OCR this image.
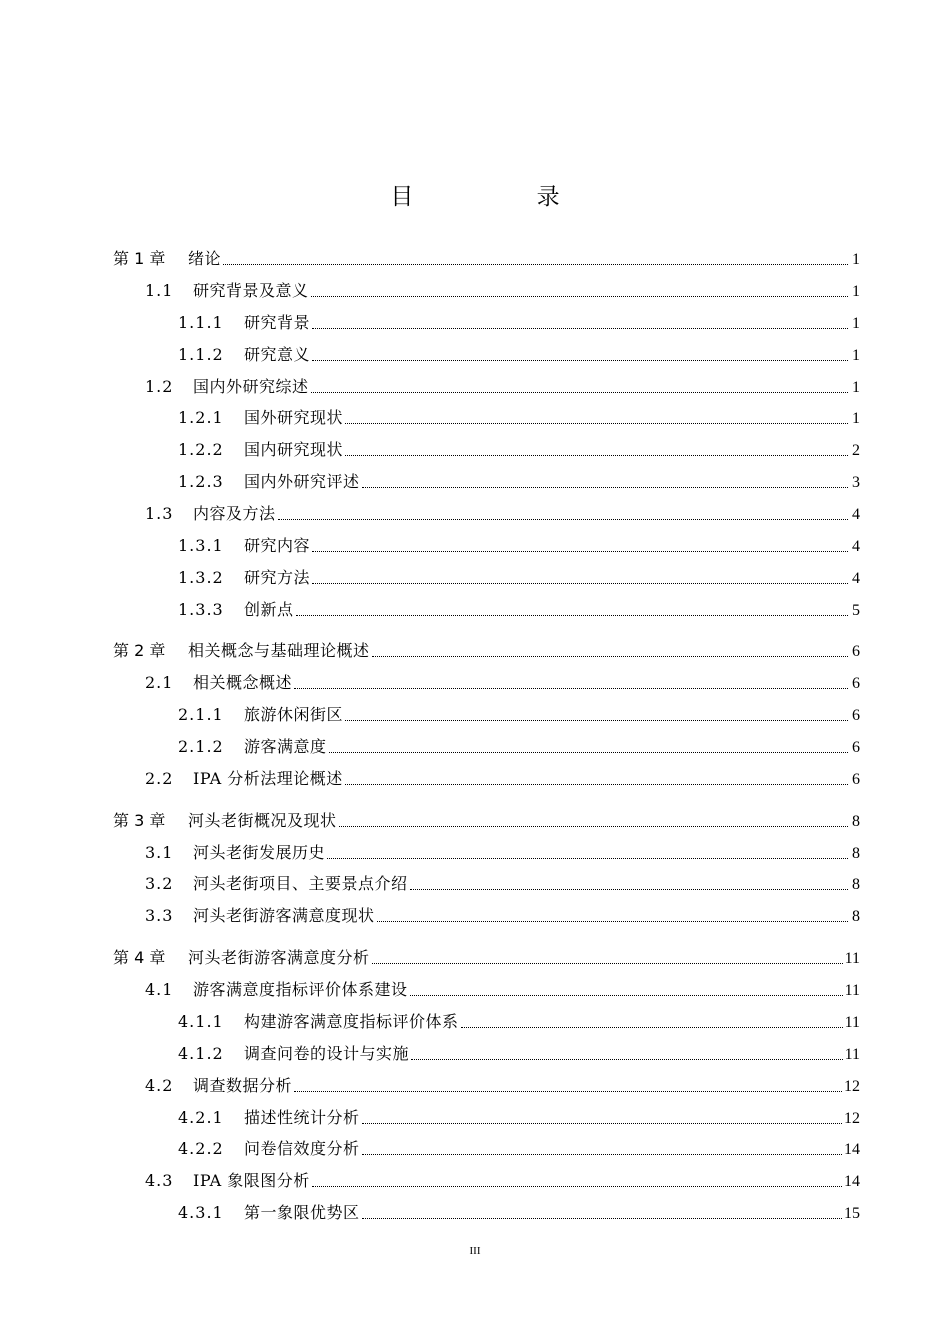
目 录
第 1 章	绪论	1
1.1	研究背景及意义	1
1.1.1	研究背景	1
1.1.2	研究意义	1
1.2	国内外研究综述	1
1.2.1	国外研究现状	1
1.2.2	国内研究现状	2
1.2.3	国内外研究评述	3
1.3	内容及方法	4
1.3.1	研究内容	4
1.3.2	研究方法	4
1.3.3	创新点	5
第 2 章	相关概念与基础理论概述	6
2.1	相关概念概述	6
2.1.1	旅游休闲街区	6
2.1.2	游客满意度	6
2.2	IPA 分析法理论概述	6
第 3 章	河头老街概况及现状	8
3.1	河头老街发展历史	8
3.2	河头老街项目、主要景点介绍	8
3.3	河头老街游客满意度现状	8
第 4 章	河头老街游客满意度分析	11
4.1	游客满意度指标评价体系建设	11
4.1.1	构建游客满意度指标评价体系	11
4.1.2	调查问卷的设计与实施	11
4.2	调查数据分析	12
4.2.1	描述性统计分析	12
4.2.2	问卷信效度分析	14
4.3	IPA 象限图分析	14
4.3.1	第一象限优势区	15
III
